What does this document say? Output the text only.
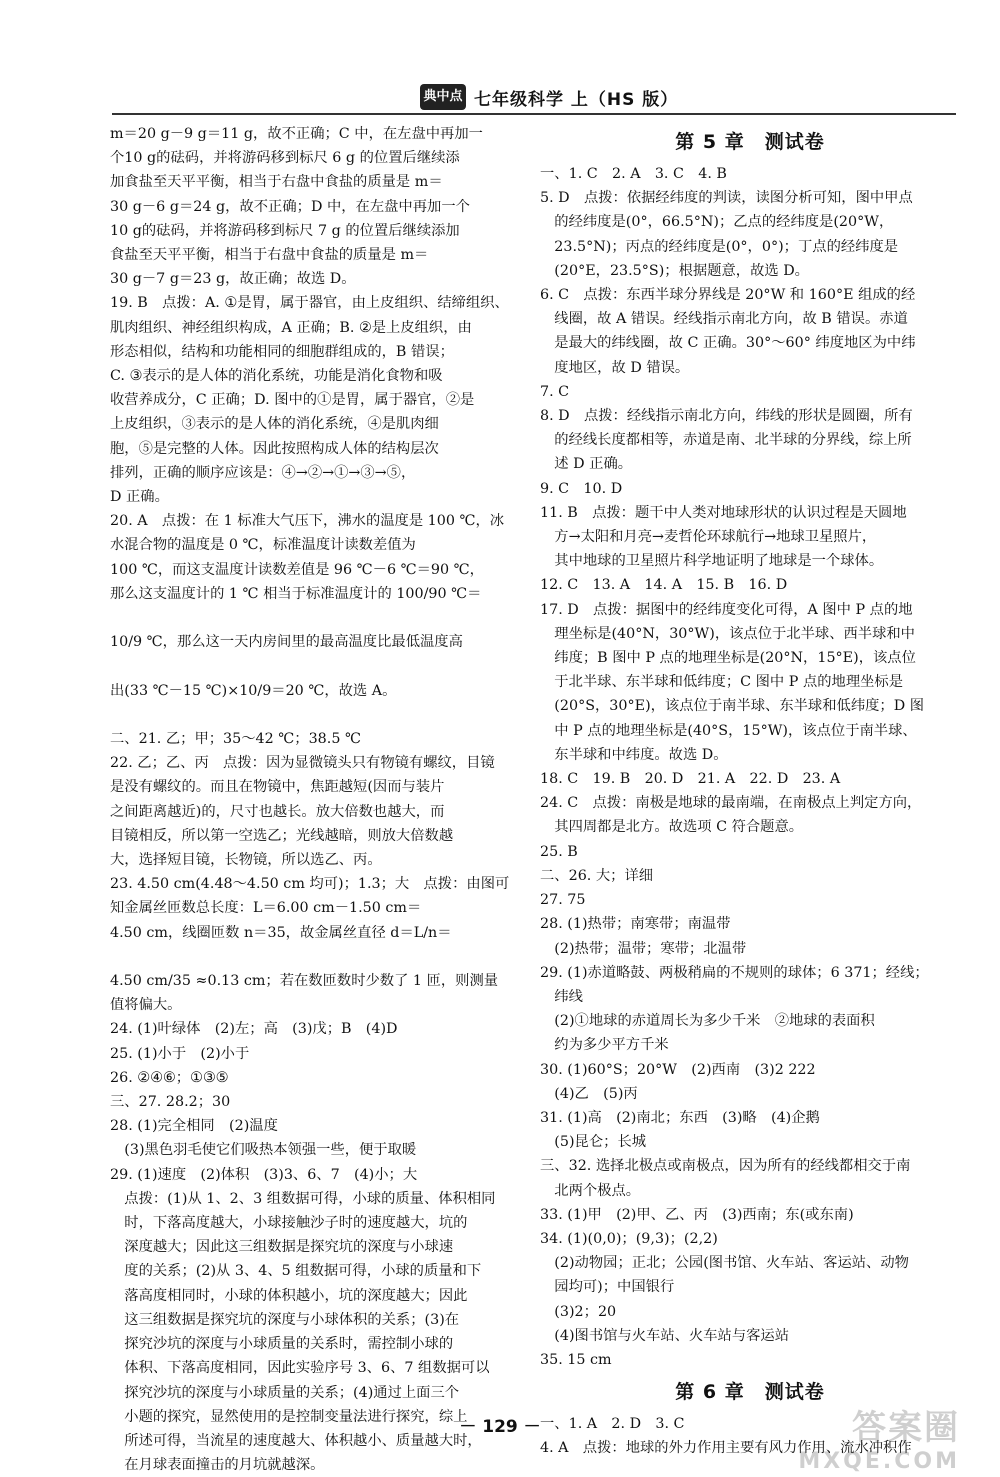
典中点 七年级科学 上（HS 版）
m＝20 g－9 g＝11 g，故不正确；C 中，在左盘中再加一
个10 g的砝码，并将游码移到标尺 6 g 的位置后继续添
加食盐至天平平衡，相当于右盘中食盐的质量是 m＝
30 g－6 g＝24 g，故不正确；D 中，在左盘中再加一个
10 g的砝码，并将游码移到标尺 7 g 的位置后继续添加
食盐至天平平衡，相当于右盘中食盐的质量是 m＝
30 g－7 g＝23 g，故正确；故选 D。
19. B　点拨：A. ①是胃，属于器官，由上皮组织、结缔组织、
肌肉组织、神经组织构成，A 正确；B. ②是上皮组织，由
形态相似，结构和功能相同的细胞群组成的，B 错误；
C. ③表示的是人体的消化系统，功能是消化食物和吸
收营养成分，C 正确；D. 图中的①是胃，属于器官，②是
上皮组织，③表示的是人体的消化系统，④是肌肉细
胞，⑤是完整的人体。因此按照构成人体的结构层次
排列，正确的顺序应该是：④→②→①→③→⑤，
D 正确。
20. A　点拨：在 1 标准大气压下，沸水的温度是 100 ℃，冰
水混合物的温度是 0 ℃，标准温度计读数差值为
100 ℃，而这支温度计读数差值是 96 ℃－6 ℃＝90 ℃，
那么这支温度计的 1 ℃ 相当于标准温度计的 100/90 ℃＝
10/9 ℃，那么这一天内房间里的最高温度比最低温度高
出(33 ℃－15 ℃)×10/9＝20 ℃，故选 A。
二、21. 乙；甲；35～42 ℃；38.5 ℃
22. 乙；乙、丙　点拨：因为显微镜头只有物镜有螺纹，目镜
是没有螺纹的。而且在物镜中，焦距越短(因而与装片
之间距离越近)的，尺寸也越长。放大倍数也越大，而
目镜相反，所以第一空选乙；光线越暗，则放大倍数越
大，选择短目镜，长物镜，所以选乙、丙。
23. 4.50 cm(4.48～4.50 cm 均可)；1.3；大　点拨：由图可
知金属丝匝数总长度：L＝6.00 cm－1.50 cm＝
4.50 cm，线圈匝数 n＝35，故金属丝直径 d＝L/n＝
4.50 cm/35 ≈0.13 cm；若在数匝数时少数了 1 匝，则测量
值将偏大。
24. (1)叶绿体　(2)左；高　(3)戊；B　(4)D
25. (1)小于　(2)小于
26. ②④⑥；①③⑤
三、27. 28.2；30
28. (1)完全相同　(2)温度
　(3)黑色羽毛使它们吸热本领强一些，便于取暖
29. (1)速度　(2)体积　(3)3、6、7　(4)小；大
　点拨：(1)从 1、2、3 组数据可得，小球的质量、体积相同
　时，下落高度越大，小球接触沙子时的速度越大，坑的
　深度越大；因此这三组数据是探究坑的深度与小球速
　度的关系；(2)从 3、4、5 组数据可得，小球的质量和下
　落高度相同时，小球的体积越小，坑的深度越大；因此
　这三组数据是探究坑的深度与小球体积的关系；(3)在
　探究沙坑的深度与小球质量的关系时，需控制小球的
　体积、下落高度相同，因此实验序号 3、6、7 组数据可以
　探究沙坑的深度与小球质量的关系；(4)通过上面三个
　小题的探究，显然使用的是控制变量法进行探究，综上
　所述可得，当流星的速度越大、体积越小、质量越大时，
　在月球表面撞击的月坑就越深。
第 5 章　测试卷
一、1. C　2. A　3. C　4. B
5. D　点拨：依据经纬度的判读，读图分析可知，图中甲点
　的经纬度是(0°，66.5°N)；乙点的经纬度是(20°W，
　23.5°N)；丙点的经纬度是(0°，0°)；丁点的经纬度是
　(20°E，23.5°S)；根据题意，故选 D。
6. C　点拨：东西半球分界线是 20°W 和 160°E 组成的经
　线圈，故 A 错误。经线指示南北方向，故 B 错误。赤道
　是最大的纬线圈，故 C 正确。30°～60° 纬度地区为中纬
　度地区，故 D 错误。
7. C
8. D　点拨：经线指示南北方向，纬线的形状是圆圈，所有
　的经线长度都相等，赤道是南、北半球的分界线，综上所
　述 D 正确。
9. C　10. D
11. B　点拨：题干中人类对地球形状的认识过程是天圆地
　方→太阳和月亮→麦哲伦环球航行→地球卫星照片，
　其中地球的卫星照片科学地证明了地球是一个球体。
12. C　13. A　14. A　15. B　16. D
17. D　点拨：据图中的经纬度变化可得，A 图中 P 点的地
　理坐标是(40°N，30°W)，该点位于北半球、西半球和中
　纬度；B 图中 P 点的地理坐标是(20°N，15°E)，该点位
　于北半球、东半球和低纬度；C 图中 P 点的地理坐标是
　(20°S，30°E)，该点位于南半球、东半球和低纬度；D 图
　中 P 点的地理坐标是(40°S，15°W)，该点位于南半球、
　东半球和中纬度。故选 D。
18. C　19. B　20. D　21. A　22. D　23. A
24. C　点拨：南极是地球的最南端，在南极点上判定方向，
　其四周都是北方。故选项 C 符合题意。
25. B
二、26. 大；详细
27. 75
28. (1)热带；南寒带；南温带
　(2)热带；温带；寒带；北温带
29. (1)赤道略鼓、两极稍扁的不规则的球体；6 371；经线；
　纬线
　(2)①地球的赤道周长为多少千米　②地球的表面积
　约为多少平方千米
30. (1)60°S；20°W　(2)西南　(3)2 222
　(4)乙　(5)丙
31. (1)高　(2)南北；东西　(3)略　(4)企鹅
　(5)昆仑；长城
三、32. 选择北极点或南极点，因为所有的经线都相交于南
　北两个极点。
33. (1)甲　(2)甲、乙、丙　(3)西南；东(或东南)
34. (1)(0,0)；(9,3)；(2,2)
　(2)动物园；正北；公园(图书馆、火车站、客运站、动物
　园均可)；中国银行
　(3)2；20
　(4)图书馆与火车站、火车站与客运站
35. 15 cm
第 6 章　测试卷
一、1. A　2. D　3. C
4. A　点拨：地球的外力作用主要有风力作用、流水冲积作
－ 129 －	答案圈
MXQE.COM
